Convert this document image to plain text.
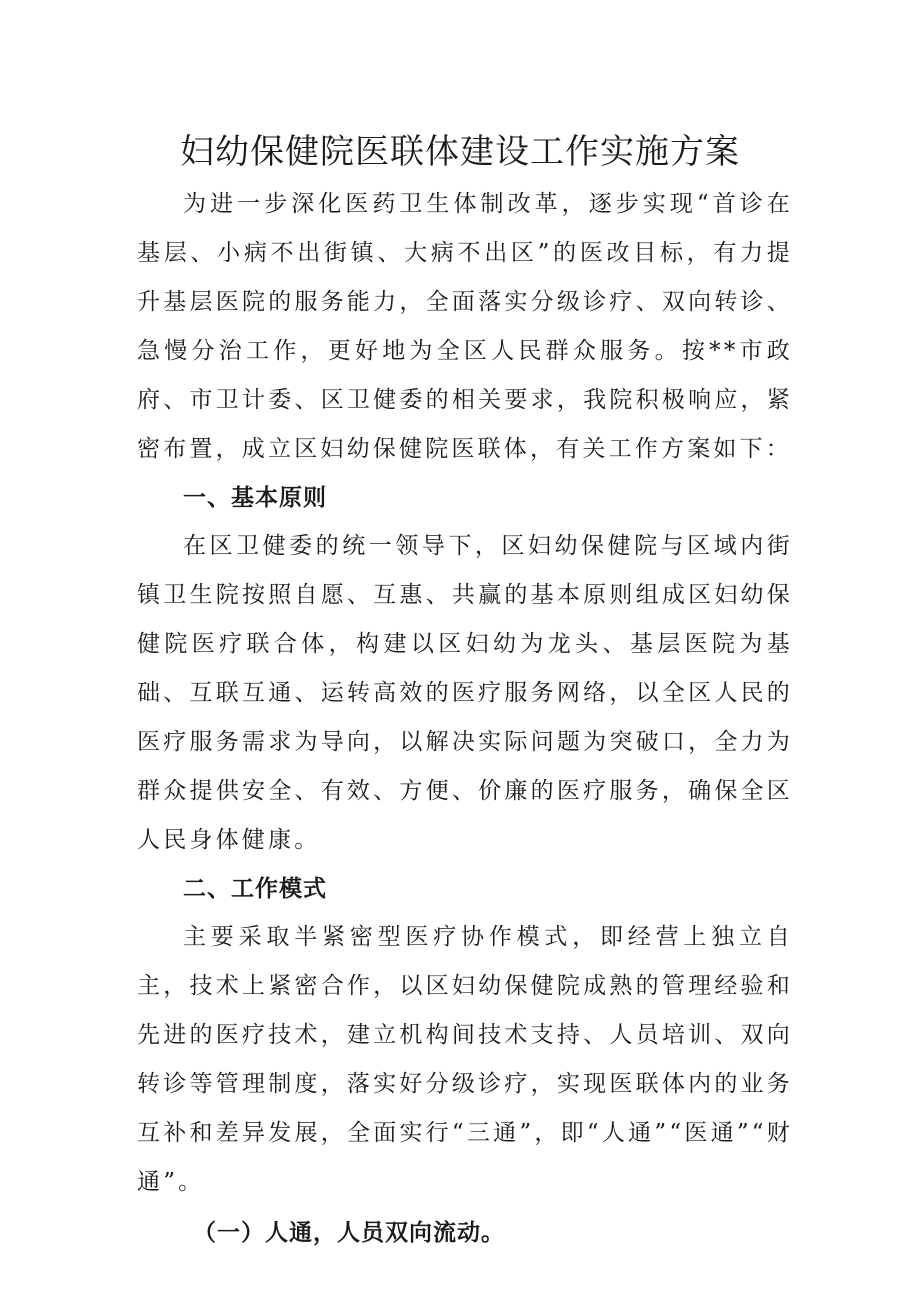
妇幼保健院医联体建设工作实施方案

为进一步深化医药卫生体制改革，逐步实现“首诊在基层、小病不出街镇、大病不出区”的医改目标，有力提升基层医院的服务能力，全面落实分级诊疗、双向转诊、急慢分治工作，更好地为全区人民群众服务。按**市政府、市卫计委、区卫健委的相关要求，我院积极响应，紧密布置，成立区妇幼保健院医联体，有关工作方案如下：

一、基本原则

在区卫健委的统一领导下，区妇幼保健院与区域内街镇卫生院按照自愿、互惠、共赢的基本原则组成区妇幼保健院医疗联合体，构建以区妇幼为龙头、基层医院为基础、互联互通、运转高效的医疗服务网络，以全区人民的医疗服务需求为导向，以解决实际问题为突破口，全力为群众提供安全、有效、方便、价廉的医疗服务，确保全区人民身体健康。

二、工作模式

主要采取半紧密型医疗协作模式，即经营上独立自主，技术上紧密合作，以区妇幼保健院成熟的管理经验和先进的医疗技术，建立机构间技术支持、人员培训、双向转诊等管理制度，落实好分级诊疗，实现医联体内的业务互补和差异发展，全面实行“三通”，即“人通”“医通”“财通”。

（一）人通，人员双向流动。
